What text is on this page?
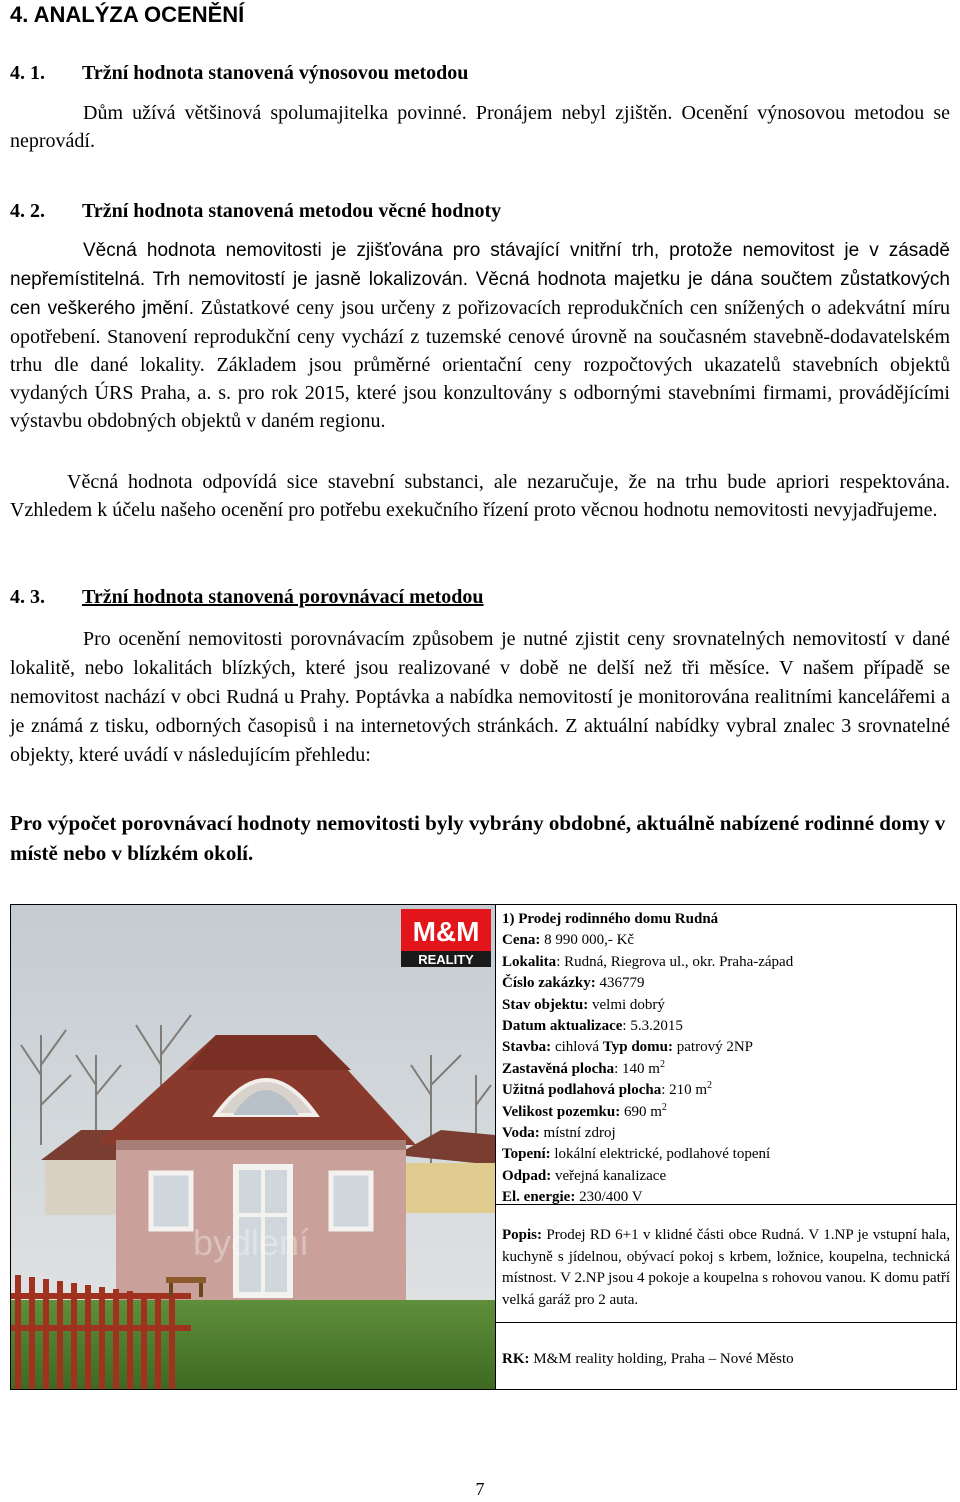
4. ANALÝZA OCENĚNÍ
4. 1. Tržní hodnota stanovená výnosovou metodou
Dům užívá většinová spolumajitelka povinné. Pronájem nebyl zjištěn. Ocenění výnosovou metodou se neprovádí.
4. 2. Tržní hodnota stanovená metodou věcné hodnoty
Věcná hodnota nemovitosti je zjišťována pro stávající vnitřní trh, protože nemovitost je v zásadě nepřemístitelná. Trh nemovitostí je jasně lokalizován. Věcná hodnota majetku je dána součtem zůstatkových cen veškerého jmění. Zůstatkové ceny jsou určeny z pořizovacích reprodukčních cen snížených o adekvátní míru opotřebení. Stanovení reprodukční ceny vychází z tuzemské cenové úrovně na současném stavebně-dodavatelském trhu dle dané lokality. Základem jsou průměrné orientační ceny rozpočtových ukazatelů stavebních objektů vydaných ÚRS Praha, a. s. pro rok 2015, které jsou konzultovány s odbornými stavebními firmami, provádějícími výstavbu obdobných objektů v daném regionu.
Věcná hodnota odpovídá sice stavební substanci, ale nezaručuje, že na trhu bude apriori respektována. Vzhledem k účelu našeho ocenění pro potřebu exekučního řízení proto věcnou hodnotu nemovitosti nevyjadřujeme.
4. 3. Tržní hodnota stanovená porovnávací metodou
Pro ocenění nemovitosti porovnávacím způsobem je nutné zjistit ceny srovnatelných nemovitostí v dané lokalitě, nebo lokalitách blízkých, které jsou realizované v době ne delší než tři měsíce. V našem případě se nemovitost nachází v obci Rudná u Prahy. Poptávka a nabídka nemovitostí je monitorována realitními kancelářemi a je známá z tisku, odborných časopisů i na internetových stránkách. Z aktuální nabídky vybral znalec 3 srovnatelné objekty, které uvádí v následujícím přehledu:
Pro výpočet porovnávací hodnoty nemovitosti byly vybrány obdobné, aktuálně nabízené rodinné domy v místě nebo v blízkém okolí.
M&M
REALITY
bydlení
1) Prodej rodinného domu Rudná
Cena: 8 990 000,- Kč
Lokalita: Rudná, Riegrova ul., okr. Praha-západ
Číslo zakázky: 436779
Stav objektu: velmi dobrý
Datum aktualizace: 5.3.2015
Stavba: cihlová Typ domu: patrový 2NP
Zastavěná plocha: 140 $m^2$
Užitná podlahová plocha: 210 $m^2$
Velikost pozemku: 690 $m^2$
Voda: místní zdroj
Topení: lokální elektrické, podlahové topení
Odpad: veřejná kanalizace
El. energie: 230/400 V
Popis: Prodej RD 6+1 v klidné části obce Rudná. V 1.NP je vstupní hala, kuchyně s jídelnou, obývací pokoj s krbem, ložnice, koupelna, technická místnost. V 2.NP jsou 4 pokoje a koupelna s rohovou vanou. K domu patří velká garáž pro 2 auta.
RK: M&M reality holding, Praha – Nové Město
7
